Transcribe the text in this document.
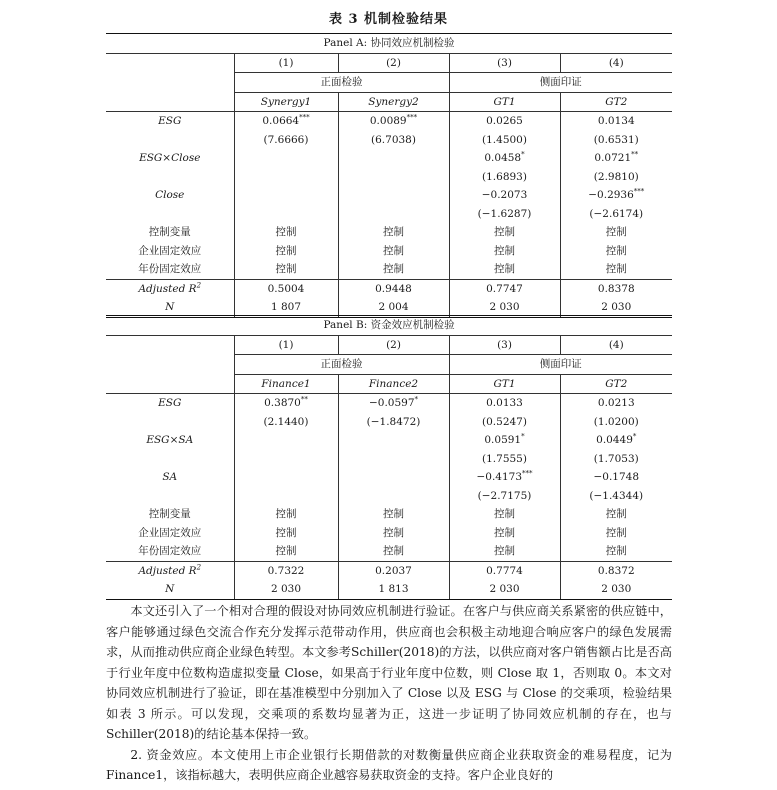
表 3 机制检验结果
Panel A: 协同效应机制检验				
	(1)	(2)	(3)	(4)
	正面检验		侧面印证	
	Synergy1	Synergy2	GT1	GT2
ESG	0.0664***	0.0089***	0.0265	0.0134
	(7.6666)	(6.7038)	(1.4500)	(0.6531)
ESG×Close			0.0458*	0.0721**
			(1.6893)	(2.9810)
Close			−0.2073	−0.2936***
			(−1.6287)	(−2.6174)
控制变量	控制	控制	控制	控制
企业固定效应	控制	控制	控制	控制
年份固定效应	控制	控制	控制	控制
Adjusted $R^2$	0.5004	0.9448	0.7747	0.8378
N	1 807	2 004	2 030	2 030
Panel B: 资金效应机制检验				
	(1)	(2)	(3)	(4)
	正面检验		侧面印证	
	Finance1	Finance2	GT1	GT2
ESG	0.3870**	−0.0597*	0.0133	0.0213
	(2.1440)	(−1.8472)	(0.5247)	(1.0200)
ESG×SA			0.0591*	0.0449*
			(1.7555)	(1.7053)
SA			−0.4173***	−0.1748
			(−2.7175)	(−1.4344)
控制变量	控制	控制	控制	控制
企业固定效应	控制	控制	控制	控制
年份固定效应	控制	控制	控制	控制
Adjusted $R^2$	0.7322	0.2037	0.7774	0.8372
N	2 030	1 813	2 030	2 030

本文还引入了一个相对合理的假设对协同效应机制进行验证。在客户与供应商关系紧密的供应链中，客户能够通过绿色交流合作充分发挥示范带动作用，供应商也会积极主动地迎合响应客户的绿色发展需求，从而推动供应商企业绿色转型。本文参考Schiller(2018)的方法，以供应商对客户销售额占比是否高于行业年度中位数构造虚拟变量 Close，如果高于行业年度中位数，则 Close 取 1，否则取 0。本文对协同效应机制进行了验证，即在基准模型中分别加入了 Close 以及 ESG 与 Close 的交乘项，检验结果如表 3 所示。可以发现，交乘项的系数均显著为正，这进一步证明了协同效应机制的存在，也与 Schiller(2018)的结论基本保持一致。

2. 资金效应。本文使用上市企业银行长期借款的对数衡量供应商企业获取资金的难易程度，记为 Finance1，该指标越大，表明供应商企业越容易获取资金的支持。客户企业良好的
